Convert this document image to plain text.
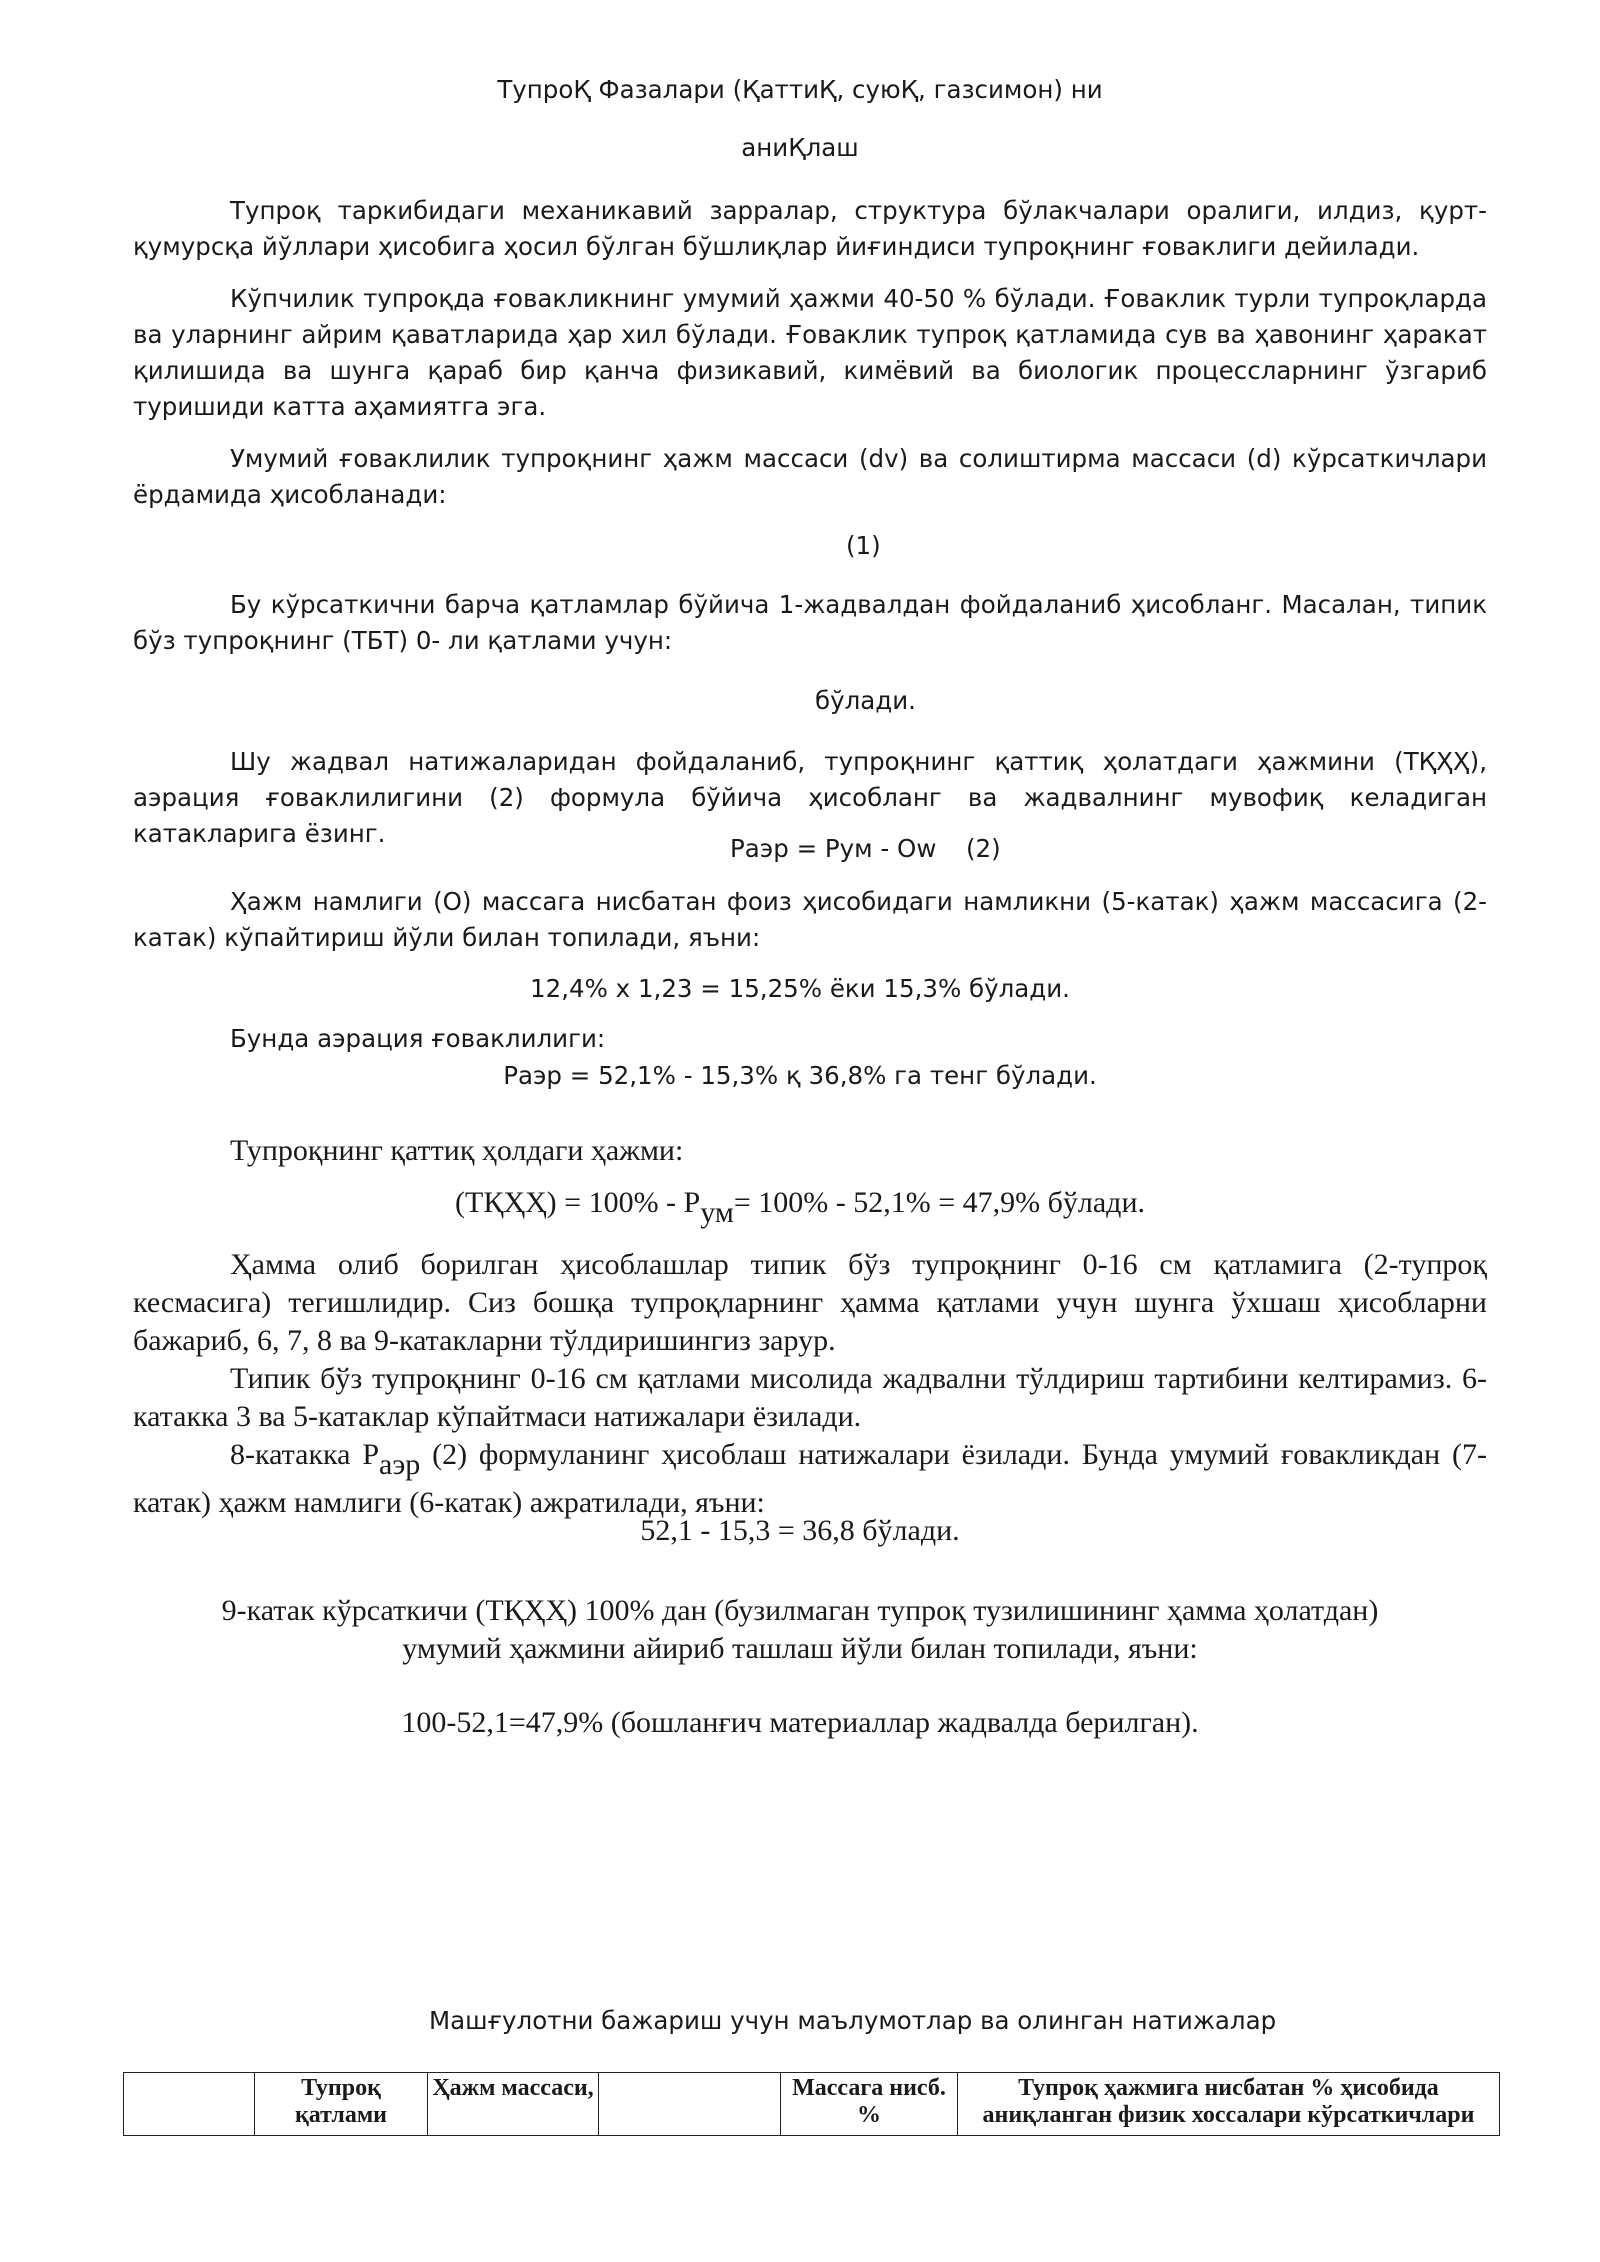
ТупроҚ Фазалари (ҚаттиҚ, суюҚ, газсимон) ни

аниҚлаш

Тупроқ таркибидаги механикавий зарралар, структура бўлакчалари оралиги, илдиз, қурт-қумурсқа йўллари ҳисобига ҳосил бўлган бўшлиқлар йиғиндиси тупроқнинг ғоваклиги дейилади.

Кўпчилик тупроқда ғовакликнинг умумий ҳажми 40-50 % бўлади. Ғоваклик турли тупроқларда ва уларнинг айрим қаватларида ҳар хил бўлади. Ғоваклик тупроқ қатламида сув ва ҳавонинг ҳаракат қилишида ва шунга қараб бир қанча физикавий, кимёвий ва биологик процессларнинг ўзгариб туришиди катта аҳамиятга эга.

Умумий ғоваклилик тупроқнинг ҳажм массаси (dv) ва солиштирма массаси (d) кўрсаткичлари ёрдамида ҳисобланади:

(1)

Бу кўрсаткични барча қатламлар бўйича 1-жадвалдан фойдаланиб ҳисобланг. Масалан, типик бўз тупроқнинг (ТБТ) 0- ли қатлами учун:

бўлади.

Шу жадвал натижаларидан фойдаланиб, тупроқнинг қаттиқ ҳолатдаги ҳажмини (ТҚҲҲ), аэрация ғоваклилигини (2) формула бўйича ҳисобланг ва жадвалнинг мувофиқ келадиган катакларига ёзинг.

Раэр = Рум - Ow (2)

Ҳажм намлиги (О) массага нисбатан фоиз ҳисобидаги намликни (5-катак) ҳажм массасига (2-катак) кўпайтириш йўли билан топилади, яъни:

12,4% х 1,23 = 15,25% ёки 15,3% бўлади.

Бунда аэрация ғоваклилиги:

Раэр = 52,1% - 15,3% қ 36,8% га тенг бўлади.

Тупроқнинг қаттиқ ҳолдаги ҳажми:

(ТҚҲҲ) = $100\% - Р_{ум}= 100\% - 52,1\% = 47,9\%$ бўлади.

Ҳамма олиб борилган ҳисоблашлар типик бўз тупроқнинг 0-16 см қатламига (2-тупроқ кесмасига) тегишлидир. Сиз бошқа тупроқларнинг ҳамма қатлами учун шунга ўхшаш ҳисобларни бажариб, 6, 7, 8 ва 9-катакларни тўлдиришингиз зарур.

Типик бўз тупроқнинг 0-16 см қатлами мисолида жадвални тўлдириш тартибини келтирамиз. 6-катакка 3 ва 5-катаклар кўпайтмаси натижалари ёзилади.

8-катакка $Р_{аэр}$ (2) формуланинг ҳисоблаш натижалари ёзилади. Бунда умумий ғовакликдан (7-катак) ҳажм намлиги (6-катак) ажратилади, яъни:

52,1 - 15,3 = 36,8 бўлади.

9-катак кўрсаткичи (ТҚҲҲ) 100% дан (бузилмаган тупроқ тузилишининг ҳамма ҳолатдан)

умумий ҳажмини айириб ташлаш йўли билан топилади, яъни:

100-52,1=47,9% (бошланғич материаллар жадвалда берилган).

Машғулотни бажариш учун маълумотлар ва олинган натижалар

	Тупроқ қатлами	Ҳажм массаси,		Массага нисб. %	Тупроқ ҳажмига нисбатан % ҳисобида аниқланган физик хоссалари кўрсаткичлари
